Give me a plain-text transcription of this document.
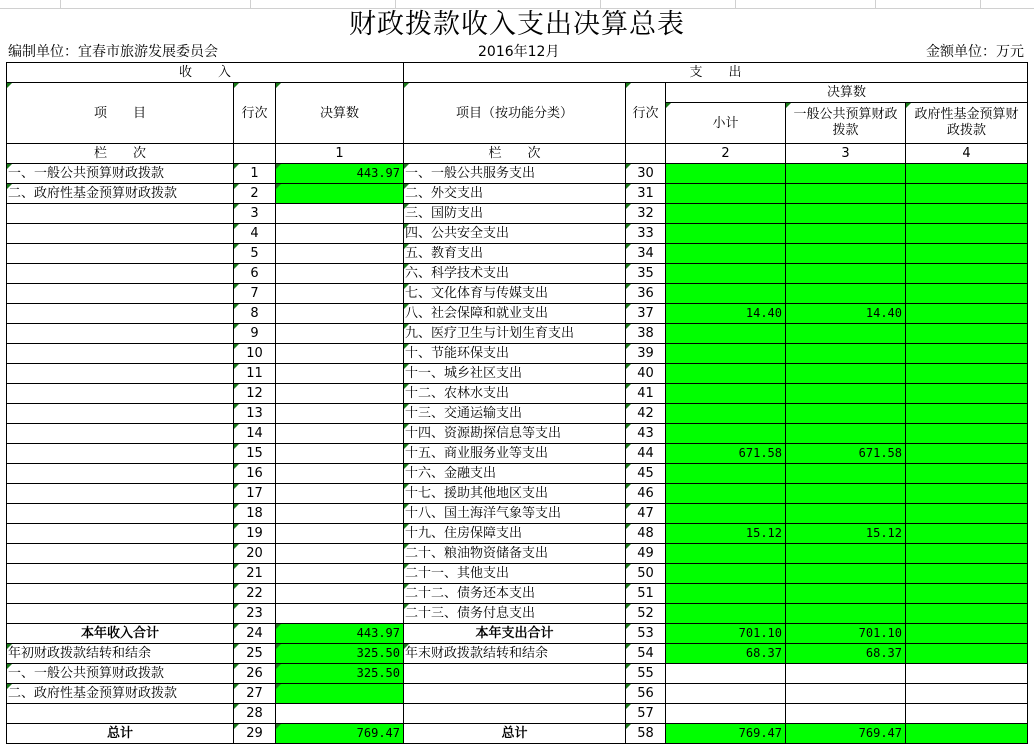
财政拨款收入支出决算总表
编制单位：宜春市旅游发展委员会	2016年12月	金额单位：万元
收　　入			支　　出				
项　　目	行次	决算数	项目（按功能分类）	行次	决算数		
					小计	一般公共预算财政拨款	政府性基金预算财政拨款
栏　　次		1	栏　　次		2	3	4
一、一般公共预算财政拨款	1	443.97	一、一般公共服务支出	30			
二、政府性基金预算财政拨款	2		二、外交支出	31			
	3		三、国防支出	32			
	4		四、公共安全支出	33			
	5		五、教育支出	34			
	6		六、科学技术支出	35			
	7		七、文化体育与传媒支出	36			
	8		八、社会保障和就业支出	37	14.40	14.40	
	9		九、医疗卫生与计划生育支出	38			
	10		十、节能环保支出	39			
	11		十一、城乡社区支出	40			
	12		十二、农林水支出	41			
	13		十三、交通运输支出	42			
	14		十四、资源勘探信息等支出	43			
	15		十五、商业服务业等支出	44	671.58	671.58	
	16		十六、金融支出	45			
	17		十七、援助其他地区支出	46			
	18		十八、国土海洋气象等支出	47			
	19		十九、住房保障支出	48	15.12	15.12	
	20		二十、粮油物资储备支出	49			
	21		二十一、其他支出	50			
	22		二十二、债务还本支出	51			
	23		二十三、债务付息支出	52			
本年收入合计	24	443.97	本年支出合计	53	701.10	701.10	
年初财政拨款结转和结余	25	325.50	年末财政拨款结转和结余	54	68.37	68.37	
一、一般公共预算财政拨款	26	325.50		55			
二、政府性基金预算财政拨款	27			56			
	28			57			
总计	29	769.47	总计	58	769.47	769.47	
